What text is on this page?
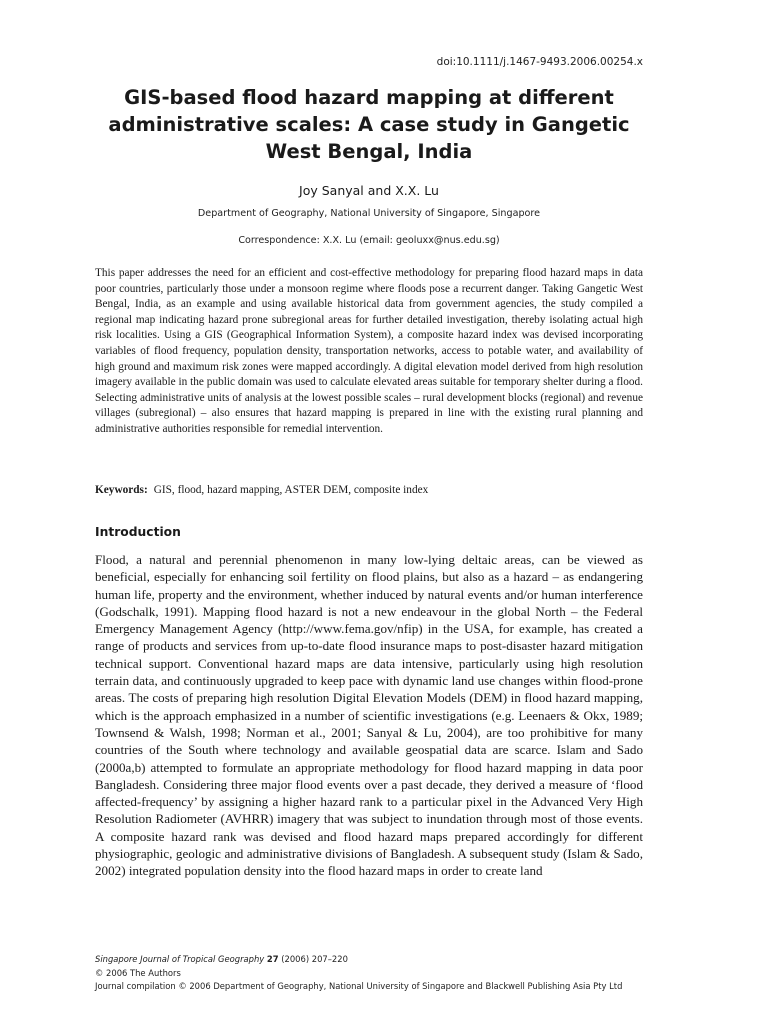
doi:10.1111/j.1467-9493.2006.00254.x
GIS-based flood hazard mapping at different administrative scales: A case study in Gangetic West Bengal, India
Joy Sanyal and X.X. Lu
Department of Geography, National University of Singapore, Singapore
Correspondence: X.X. Lu (email: geoluxx@nus.edu.sg)

This paper addresses the need for an efficient and cost-effective methodology for preparing flood hazard maps in data poor countries, particularly those under a monsoon regime where floods pose a recurrent danger. Taking Gangetic West Bengal, India, as an example and using available historical data from government agencies, the study compiled a regional map indicating hazard prone subregional areas for further detailed investigation, thereby isolating actual high risk localities. Using a GIS (Geographical Information System), a composite hazard index was devised incorporating variables of flood frequency, population density, transportation networks, access to potable water, and availability of high ground and maximum risk zones were mapped accordingly. A digital elevation model derived from high resolution imagery available in the public domain was used to calculate elevated areas suitable for temporary shelter during a flood. Selecting administrative units of analysis at the lowest possible scales – rural development blocks (regional) and revenue villages (subregional) – also ensures that hazard mapping is prepared in line with the existing rural planning and administrative authorities responsible for remedial intervention.

Keywords: GIS, flood, hazard mapping, ASTER DEM, composite index
Introduction

Flood, a natural and perennial phenomenon in many low-lying deltaic areas, can be viewed as beneficial, especially for enhancing soil fertility on flood plains, but also as a hazard – as endangering human life, property and the environment, whether induced by natural events and/or human interference (Godschalk, 1991). Mapping flood hazard is not a new endeavour in the global North – the Federal Emergency Management Agency (http://www.fema.gov/nfip) in the USA, for example, has created a range of products and services from up-to-date flood insurance maps to post-disaster hazard mitigation technical support. Conventional hazard maps are data intensive, particularly using high resolution terrain data, and continuously upgraded to keep pace with dynamic land use changes within flood-prone areas. The costs of preparing high resolution Digital Elevation Models (DEM) in flood hazard mapping, which is the approach emphasized in a number of scientific investigations (e.g. Leenaers & Okx, 1989; Townsend & Walsh, 1998; Norman et al., 2001; Sanyal & Lu, 2004), are too prohibitive for many countries of the South where technology and available geospatial data are scarce. Islam and Sado (2000a,b) attempted to formulate an appropriate methodology for flood hazard mapping in data poor Bangladesh. Considering three major flood events over a past decade, they derived a measure of ‘flood affected-frequency’ by assigning a higher hazard rank to a particular pixel in the Advanced Very High Resolution Radiometer (AVHRR) imagery that was subject to inundation through most of those events. A composite hazard rank was devised and flood hazard maps prepared accordingly for different physiographic, geologic and administrative divisions of Bangladesh. A subsequent study (Islam & Sado, 2002) integrated population density into the flood hazard maps in order to create land

Singapore Journal of Tropical Geography 27 (2006) 207–220
© 2006 The Authors
Journal compilation © 2006 Department of Geography, National University of Singapore and Blackwell Publishing Asia Pty Ltd
